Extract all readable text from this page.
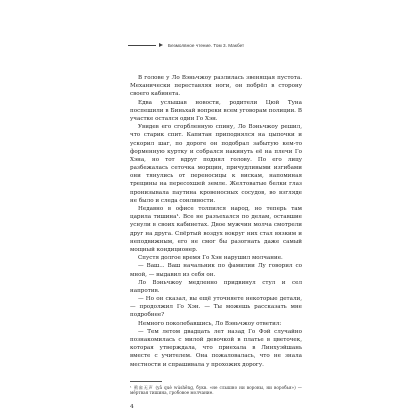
Безмолвное чтение. Том 3. Макбет

В голове у Ло Вэньчжоу разлилась звенящая пустота. Механически переставляя ноги, он побрёл в сторону своего кабинета.

Едва услышав новости, родители Цюй Туна поспешили в Биньхай вопреки всем уговорам полиции. В участке остался один Го Хэн.

Увидев его сгорбленную спину, Ло Вэньчжоу решил, что старик спит. Капитан приподнялся на цыпочки и ускорил шаг, по дороге он подобрал забытую кем-то форменную куртку и собрался накинуть её на плечи Го Хэна, но тот вдруг поднял голову. По его лицу разбежалась сеточка морщин, причудливыми изгибами они тянулись от переносицы к вискам, напоминая трещины на пересохшей земле. Желтоватые белки глаз пронизывала паутина кровеносных сосудов, во взгляде не было и следа сонливости.

Недавно в офисе толпился народ, но теперь там царила тишина¹. Все не разъехался по делам, оставшие уснули в своих кабинетах. Двое мужчин молча смотрели друг на друга. Спёртый воздух вокруг них стал вязким и неподвижным, его не смог бы разогнать даже самый мощный кондиционер.

Спустя долгое время Го Хэн нарушил молчание.

— Ваш... Ваш начальник по фамилии Лу говорил со мной, — выдавил из себя он.

Ло Вэньчжоу медленно придвинул стул и сел напротив.

— Но он сказал, вы ещё уточняете некоторые детали, — продолжил Го Хэн. — Ты можешь рассказать мне подробнее?

Немного поколебавшись, Ло Вэньчжоу ответил:

— Тем летом двадцать лет назад Го Фэй случайно познакомилась с милой девочкой в платье в цветочек, которая утверждала, что приехала в Линхуэйшань вместе с учителем. Она пожаловалась, что не знала местности и спрашивала у прохожих дорогу.

¹ 鸦雀无声 (yā què wúshēng, букв. «не слышно ни вороны, ни воробья») — мёртвая тишина, гробовое молчание.
4
